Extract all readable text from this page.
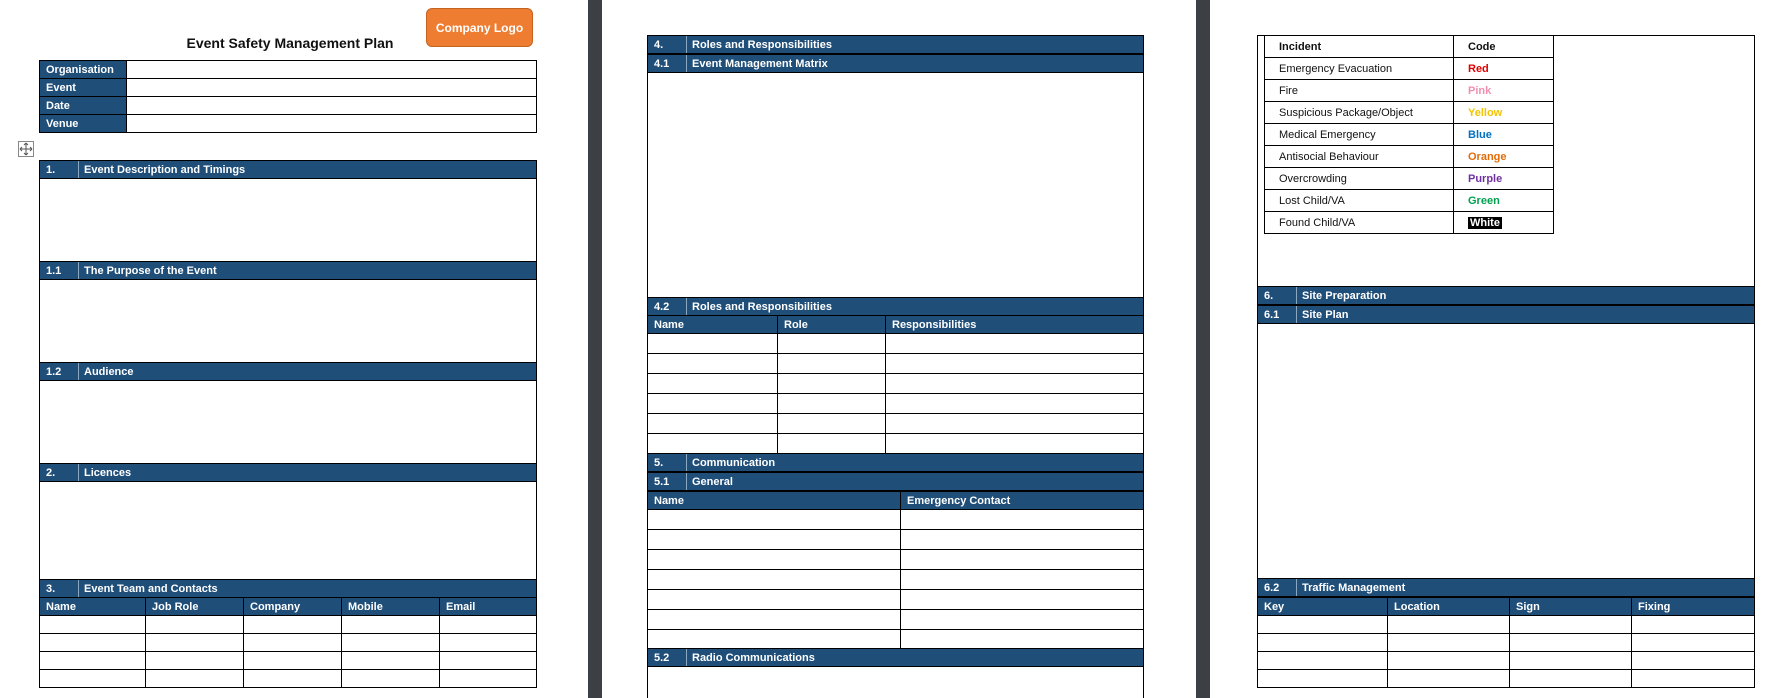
Company Logo
Event Safety Management Plan
Organisation	
Event	
Date	
Venue	
1.	Event Description and Timings
1.1 The Purpose of the Event
1.2 Audience
2.	Licences
3.	Event Team and Contacts
Name	Job Role	Company	Mobile	Email

4.	Roles and Responsibilities
4.1 Event Management Matrix
4.2 Roles and Responsibilities
Name	Role	Responsibilities

5.	Communication
5.1 General
Name	Emergency Contact

5.2 Radio Communications
Incident	Code
Emergency Evacuation	Red
Fire	Pink
Suspicious Package/Object	Yellow
Medical Emergency	Blue
Antisocial Behaviour	Orange
Overcrowding	Purple
Lost Child/VA	Green
Found Child/VA	White
6.	Site Preparation
6.1 Site Plan
6.2 Traffic Management
Key	Location	Sign	Fixing
